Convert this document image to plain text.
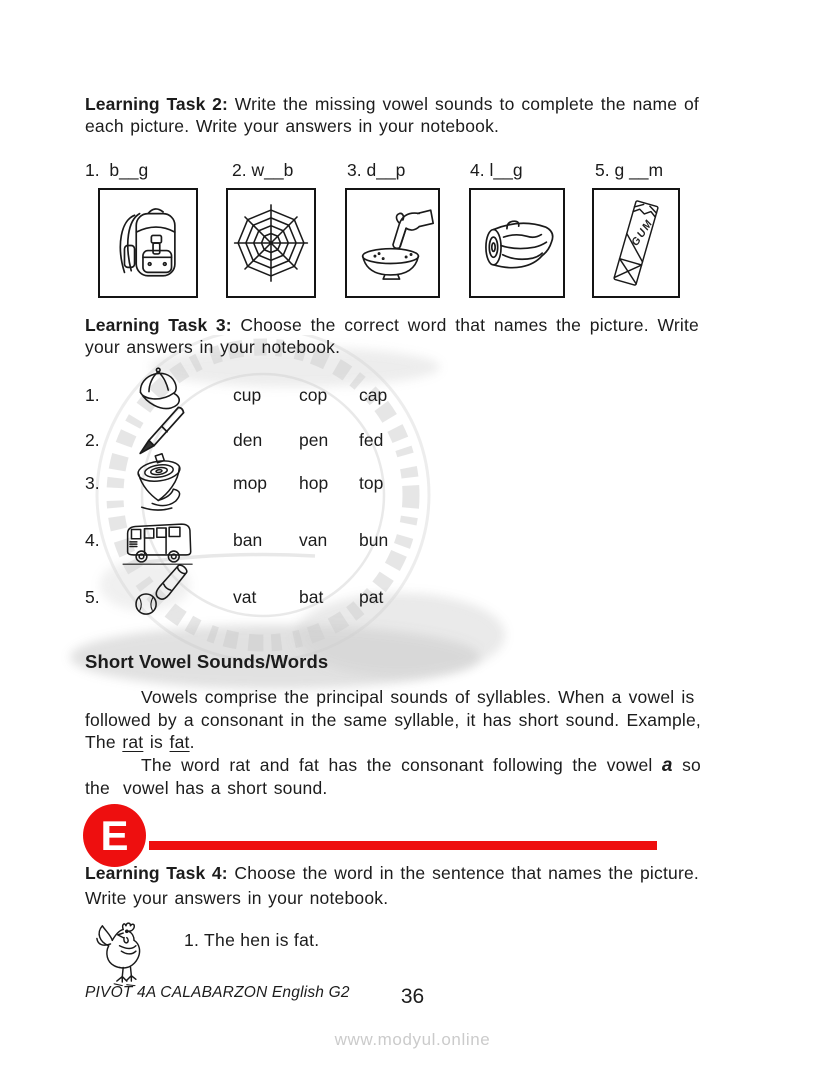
Learning Task 2: Write the missing vowel sounds to complete the name of each picture. Write your answers in your notebook.

1. b__g	2. w__b	3. d__p	4. l__g	5. g __m
GUM

Learning Task 3: Choose the correct word that names the picture. Write your answers in your notebook.

1.	cup cop cap
2.	den pen fed
3.	mop hop top
4.	ban van bun
5.	vat bat pat
Short Vowel Sounds/Words

Vowels comprise the principal sounds of syllables. When a vowel is  followed by a consonant in the same syllable, it has short sound. Example, The rat is fat.

The word rat and fat has the consonant following the vowel a so the  vowel has a short sound.

E

Learning Task 4: Choose the word in the sentence that names the picture. Write your answers in your notebook.

1. The hen is fat.
PIVOT 4A CALABARZON English G2	36
www.modyul.online
